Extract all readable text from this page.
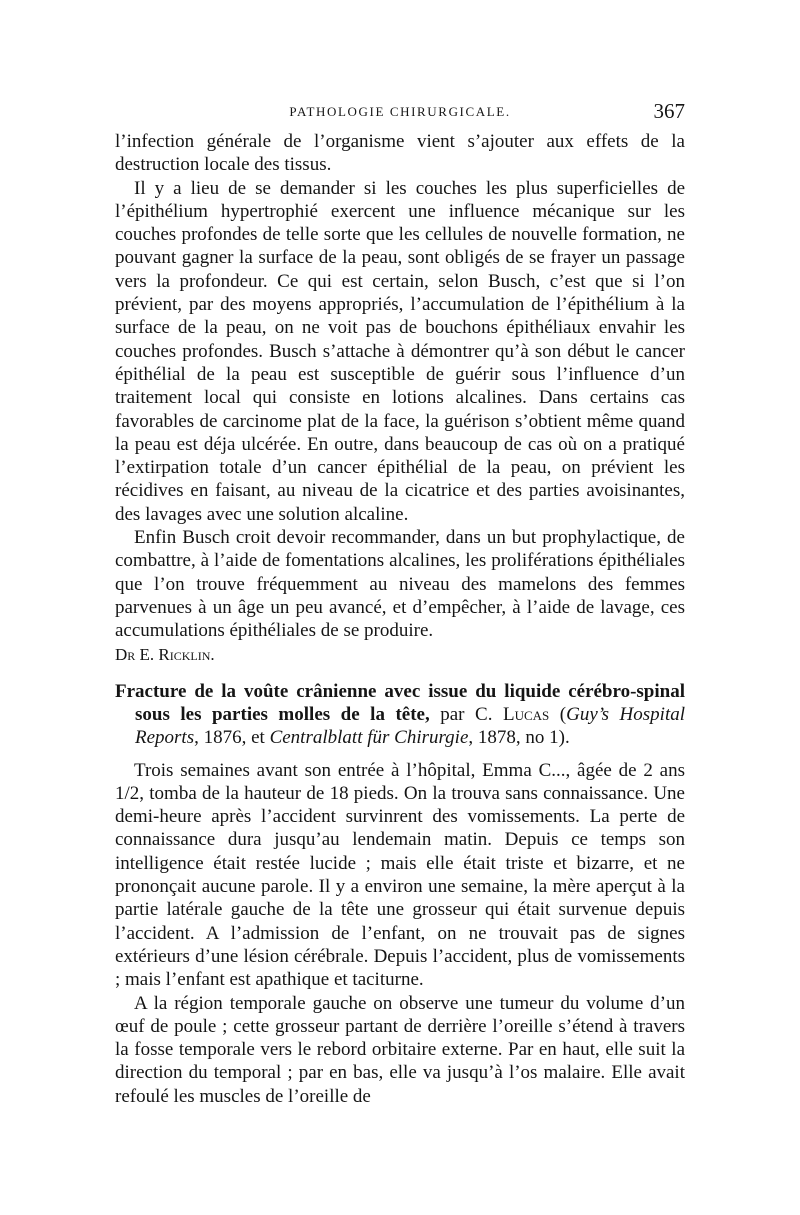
PATHOLOGIE CHIRURGICALE.	367

l’infection générale de l’organisme vient s’ajouter aux effets de la destruction locale des tissus.

Il y a lieu de se demander si les couches les plus superficielles de l’épithélium hypertrophié exercent une influence mécanique sur les couches profondes de telle sorte que les cellules de nouvelle formation, ne pouvant gagner la surface de la peau, sont obligés de se frayer un passage vers la profondeur. Ce qui est certain, selon Busch, c’est que si l’on prévient, par des moyens appropriés, l’accumulation de l’épithélium à la surface de la peau, on ne voit pas de bouchons épithéliaux envahir les couches profondes. Busch s’attache à démontrer qu’à son début le cancer épithélial de la peau est susceptible de guérir sous l’influence d’un traitement local qui consiste en lotions alcalines. Dans certains cas favorables de carcinome plat de la face, la guérison s’obtient même quand la peau est déja ulcérée. En outre, dans beaucoup de cas où on a pratiqué l’extirpation totale d’un cancer épithélial de la peau, on prévient les récidives en faisant, au niveau de la cicatrice et des parties avoisinantes, des lavages avec une solution alcaline.

Enfin Busch croit devoir recommander, dans un but prophylactique, de combattre, à l’aide de fomentations alcalines, les proliférations épithéliales que l’on trouve fréquemment au niveau des mamelons des femmes parvenues à un âge un peu avancé, et d’empêcher, à l’aide de lavage, ces accumulations épithéliales de se produire.

Dr E. Ricklin.

Fracture de la voûte crânienne avec issue du liquide cérébro-spinal sous les parties molles de la tête, par C. Lucas (Guy’s Hospital Reports, 1876, et Centralblatt für Chirurgie, 1878, no 1).

Trois semaines avant son entrée à l’hôpital, Emma C..., âgée de 2 ans 1/2, tomba de la hauteur de 18 pieds. On la trouva sans connaissance. Une demi-heure après l’accident survinrent des vomissements. La perte de connaissance dura jusqu’au lendemain matin. Depuis ce temps son intelligence était restée lucide ; mais elle était triste et bizarre, et ne prononçait aucune parole. Il y a environ une semaine, la mère aperçut à la partie latérale gauche de la tête une grosseur qui était survenue depuis l’accident. A l’admission de l’enfant, on ne trouvait pas de signes extérieurs d’une lésion cérébrale. Depuis l’accident, plus de vomissements ; mais l’enfant est apathique et taciturne.

A la région temporale gauche on observe une tumeur du volume d’un œuf de poule ; cette grosseur partant de derrière l’oreille s’étend à travers la fosse temporale vers le rebord orbitaire externe. Par en haut, elle suit la direction du temporal ; par en bas, elle va jusqu’à l’os malaire. Elle avait refoulé les muscles de l’oreille de
